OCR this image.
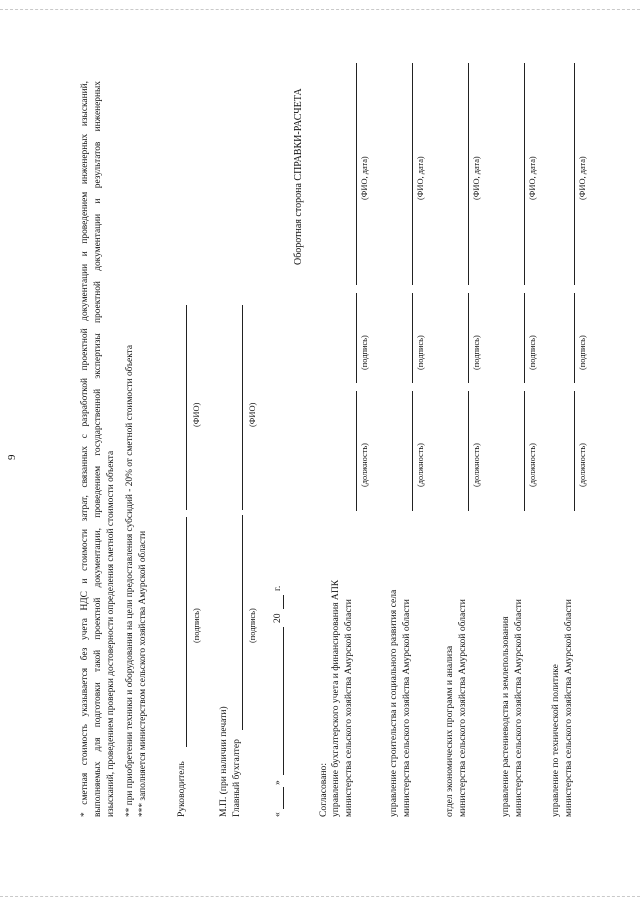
9	* сметная стоимость указывается без учета НДС и стоимости затрат, связанных с разработкой проектной документации и проведением инженерных изысканий, выполняемых для подготовки такой проектной документации, проведением государственной экспертизы проектной документации и результатов инженерных изысканий, проведением проверки достоверности определения сметной стоимости объекта ** при приобретении техники и оборудования на цели предоставления субсидий - 20% от сметной стоимости объекта *** заполняется министерством сельского хозяйства Амурской области	Руководитель
(подпись)
(ФИО)
М.П. (при наличии печати) Главный бухгалтер
(подпись)
(ФИО)
«
»
20
г.
Согласовано: управление бухгалтерского учета и финансирования АПК министерства сельского хозяйства Амурской области
(должность)
(подпись)
(ФИО, дата)
управление строительства и социального развития села министерства сельского хозяйства Амурской области
(должность)
(подпись)
(ФИО, дата)
отдел экономических программ и анализа министерства сельского хозяйства Амурской области
(должность)
(подпись)
(ФИО, дата)
управление растениеводства и землепользования министерства сельского хозяйства Амурской области
(должность)
(подпись)
(ФИО, дата)
управление по технической политике министерства сельского хозяйства Амурской области
(должность)
(подпись)
(ФИО, дата)
Оборотная сторона СПРАВКИ-РАСЧЕТА
